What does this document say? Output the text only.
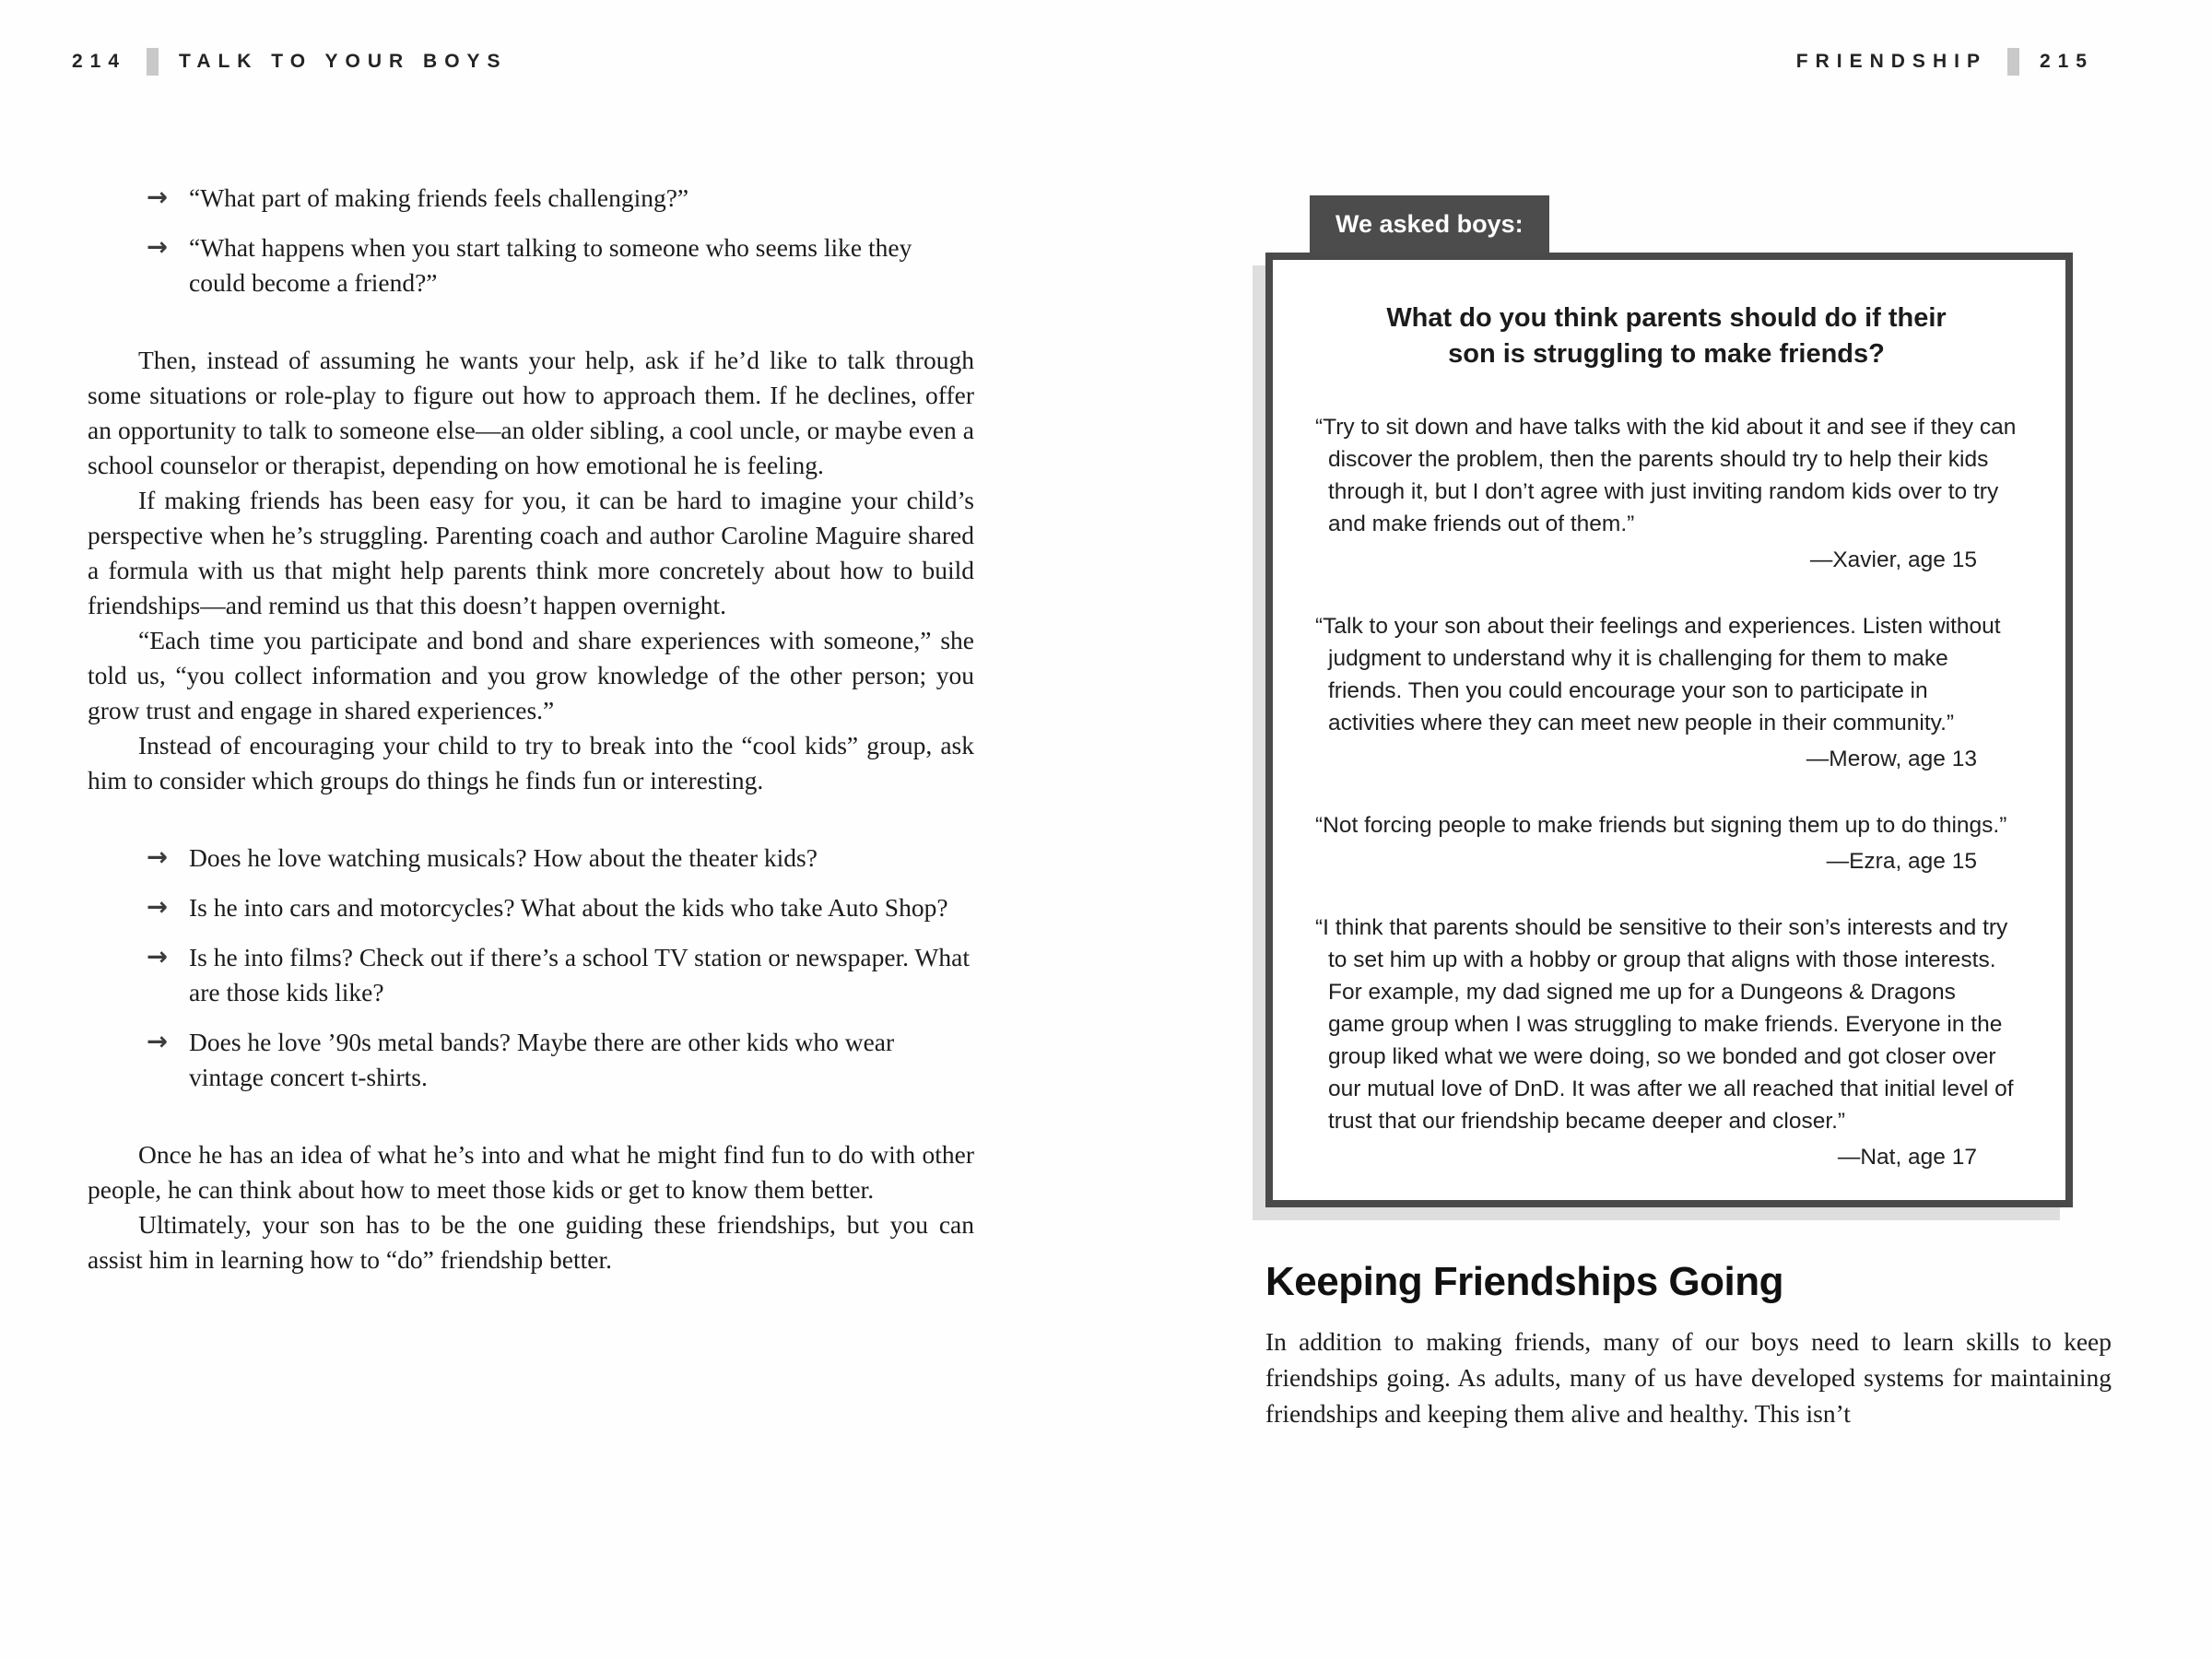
214	TALK TO YOUR BOYS	FRIENDSHIP	215
→ “What part of making friends feels challenging?”
→ “What happens when you start talking to someone who seems like they could become a friend?”

Then, instead of assuming he wants your help, ask if he’d like to talk through some situations or role-play to figure out how to approach them. If he declines, offer an opportunity to talk to someone else—an older sibling, a cool uncle, or maybe even a school counselor or therapist, depending on how emotional he is feeling.

If making friends has been easy for you, it can be hard to imagine your child’s perspective when he’s struggling. Parenting coach and author Caroline Maguire shared a formula with us that might help parents think more concretely about how to build friendships—and remind us that this doesn’t happen overnight.

“Each time you participate and bond and share experiences with someone,” she told us, “you collect information and you grow knowledge of the other person; you grow trust and engage in shared experiences.”

Instead of encouraging your child to try to break into the “cool kids” group, ask him to consider which groups do things he finds fun or interesting.

→ Does he love watching musicals? How about the theater kids?
→ Is he into cars and motorcycles? What about the kids who take Auto Shop?
→ Is he into films? Check out if there’s a school TV station or newspaper. What are those kids like?
→ Does he love ’90s metal bands? Maybe there are other kids who wear vintage concert t-shirts.

Once he has an idea of what he’s into and what he might find fun to do with other people, he can think about how to meet those kids or get to know them better.

Ultimately, your son has to be the one guiding these friendships, but you can assist him in learning how to “do” friendship better.

We asked boys:
What do you think parents should do if their son is struggling to make friends?

“Try to sit down and have talks with the kid about it and see if they can discover the problem, then the parents should try to help their kids through it, but I don’t agree with just inviting random kids over to try and make friends out of them.”

—Xavier, age 15

“Talk to your son about their feelings and experiences. Listen without judgment to understand why it is challenging for them to make friends. Then you could encourage your son to participate in activities where they can meet new people in their community.”

—Merow, age 13

“Not forcing people to make friends but signing them up to do things.”

—Ezra, age 15

“I think that parents should be sensitive to their son’s interests and try to set him up with a hobby or group that aligns with those interests. For example, my dad signed me up for a Dungeons & Dragons game group when I was struggling to make friends. Everyone in the group liked what we were doing, so we bonded and got closer over our mutual love of DnD. It was after we all reached that initial level of trust that our friendship became deeper and closer.”

—Nat, age 17

Keeping Friendships Going

In addition to making friends, many of our boys need to learn skills to keep friendships going. As adults, many of us have developed systems for maintaining friendships and keeping them alive and healthy. This isn’t
